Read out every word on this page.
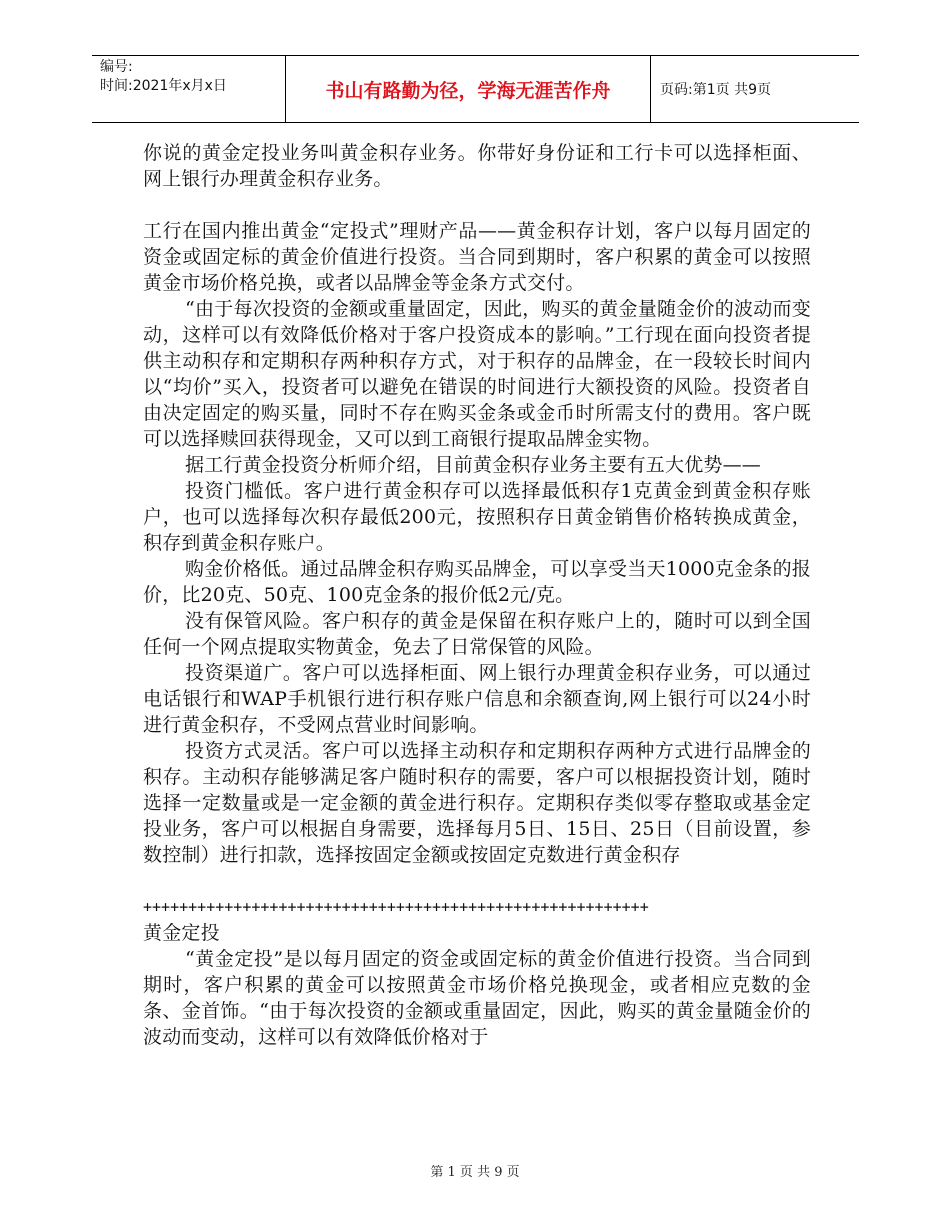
编号:
时间:2021年x月x日	书山有路勤为径，学海无涯苦作舟	页码:第1页 共9页

你说的黄金定投业务叫黄金积存业务。你带好身份证和工行卡可以选择柜面、网上银行办理黄金积存业务。

工行在国内推出黄金“定投式”理财产品——黄金积存计划，客户以每月固定的资金或固定标的黄金价值进行投资。当合同到期时，客户积累的黄金可以按照黄金市场价格兑换，或者以品牌金等金条方式交付。

“由于每次投资的金额或重量固定，因此，购买的黄金量随金价的波动而变动，这样可以有效降低价格对于客户投资成本的影响。”工行现在面向投资者提供主动积存和定期积存两种积存方式，对于积存的品牌金，在一段较长时间内以“均价”买入，投资者可以避免在错误的时间进行大额投资的风险。投资者自由决定固定的购买量，同时不存在购买金条或金币时所需支付的费用。客户既可以选择赎回获得现金，又可以到工商银行提取品牌金实物。

据工行黄金投资分析师介绍，目前黄金积存业务主要有五大优势——

投资门槛低。客户进行黄金积存可以选择最低积存1克黄金到黄金积存账户，也可以选择每次积存最低200元，按照积存日黄金销售价格转换成黄金，积存到黄金积存账户。

购金价格低。通过品牌金积存购买品牌金，可以享受当天1000克金条的报价，比20克、50克、100克金条的报价低2元/克。

没有保管风险。客户积存的黄金是保留在积存账户上的，随时可以到全国任何一个网点提取实物黄金，免去了日常保管的风险。

投资渠道广。客户可以选择柜面、网上银行办理黄金积存业务，可以通过电话银行和WAP手机银行进行积存账户信息和余额查询,网上银行可以24小时进行黄金积存，不受网点营业时间影响。

投资方式灵活。客户可以选择主动积存和定期积存两种方式进行品牌金的积存。主动积存能够满足客户随时积存的需要，客户可以根据投资计划，随时选择一定数量或是一定金额的黄金进行积存。定期积存类似零存整取或基金定投业务，客户可以根据自身需要，选择每月5日、15日、25日（目前设置，参数控制）进行扣款，选择按固定金额或按固定克数进行黄金积存

++++++++++++++++++++++++++++++++++++++++++++++++++++++++

黄金定投

“黄金定投”是以每月固定的资金或固定标的黄金价值进行投资。当合同到期时，客户积累的黄金可以按照黄金市场价格兑换现金，或者相应克数的金条、金首饰。“由于每次投资的金额或重量固定，因此，购买的黄金量随金价的波动而变动，这样可以有效降低价格对于

第 1 页 共 9 页
